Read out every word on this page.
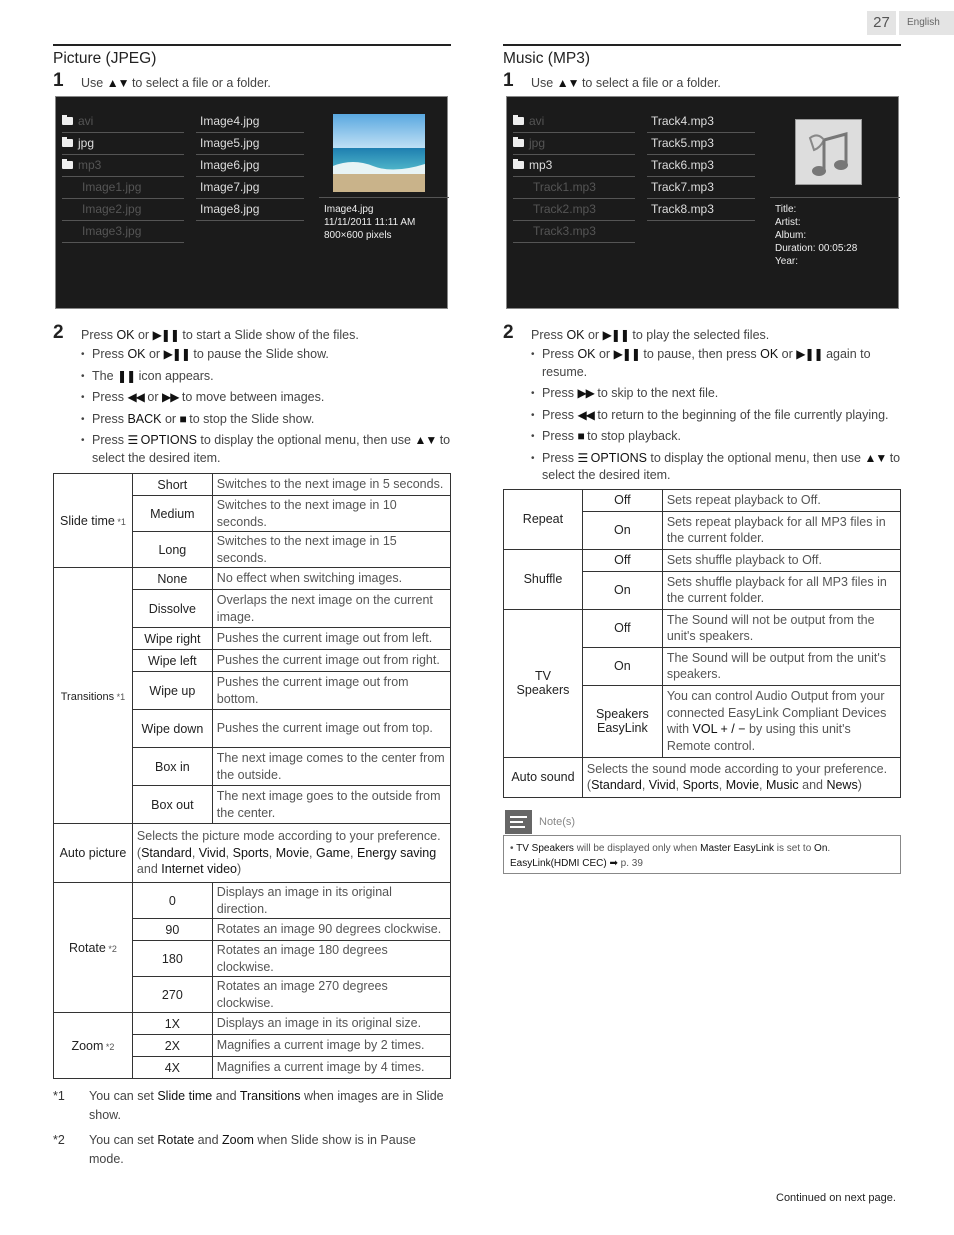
27	English
Picture (JPEG)
1 Use ▲▼ to select a file or a folder.
Image4.jpg
11/11/2011 11:11 AM
800×600 pixels
avi
jpg
mp3
Image1.jpg
Image2.jpg
Image3.jpg
Image4.jpg
Image5.jpg
Image6.jpg
Image7.jpg
Image8.jpg
2 Press OK or ▶❚❚ to start a Slide show of the files.
• Press OK or ▶❚❚ to pause the Slide show.
• The ❚❚ icon appears.
• Press ◀◀ or ▶▶ to move between images.
• Press BACK or ■ to stop the Slide show.
• Press ☰ OPTIONS to display the optional menu, then use ▲▼ to select the desired item.
Slide time *1	Short	Switches to the next image in 5 seconds.
	Medium	Switches to the next image in 10 seconds.
	Long	Switches to the next image in 15 seconds.
Transitions *1	None	No effect when switching images.
	Dissolve	Overlaps the next image on the current image.
	Wipe right	Pushes the current image out from left.
	Wipe left	Pushes the current image out from right.
	Wipe up	Pushes the current image out from bottom.
	Wipe down	Pushes the current image out from top.
	Box in	The next image comes to the center from the outside.
	Box out	The next image goes to the outside from the center.
Auto picture	Selects the picture mode according to your preference. (Standard, Vivid, Sports, Movie, Game, Energy saving and Internet video)	
Rotate *2	0	Displays an image in its original direction.
	90	Rotates an image 90 degrees clockwise.
	180	Rotates an image 180 degrees clockwise.
	270	Rotates an image 270 degrees clockwise.
Zoom *2	1X	Displays an image in its original size.
	2X	Magnifies a current image by 2 times.
	4X	Magnifies a current image by 4 times.
*1 You can set Slide time and Transitions when images are in Slide show.
*2 You can set Rotate and Zoom when Slide show is in Pause mode.
Music (MP3)
1 Use ▲▼ to select a file or a folder.
Title:
Artist:
Album:
Duration: 00:05:28
Year:
avi
jpg
mp3
Track1.mp3
Track2.mp3
Track3.mp3
Track4.mp3
Track5.mp3
Track6.mp3
Track7.mp3
Track8.mp3
2 Press OK or ▶❚❚ to play the selected files.
• Press OK or ▶❚❚ to pause, then press OK or ▶❚❚ again to resume.
• Press ▶▶ to skip to the next file.
• Press ◀◀ to return to the beginning of the file currently playing.
• Press ■ to stop playback.
• Press ☰ OPTIONS to display the optional menu, then use ▲▼ to select the desired item.
Repeat	Off	Sets repeat playback to Off.
	On	Sets repeat playback for all MP3 files in the current folder.
Shuffle	Off	Sets shuffle playback to Off.
	On	Sets shuffle playback for all MP3 files in the current folder.
TV Speakers	Off	The Sound will not be output from the unit's speakers.
	On	The Sound will be output from the unit's speakers.
	Speakers EasyLink	You can control Audio Output from your connected EasyLink Compliant Devices with VOL + / − by using this unit's Remote control.
Auto sound	Selects the sound mode according to your preference. (Standard, Vivid, Sports, Movie, Music and News)	
Note(s)
• TV Speakers will be displayed only when Master EasyLink is set to On.
EasyLink(HDMI CEC) ➡ p. 39
Continued on next page.
